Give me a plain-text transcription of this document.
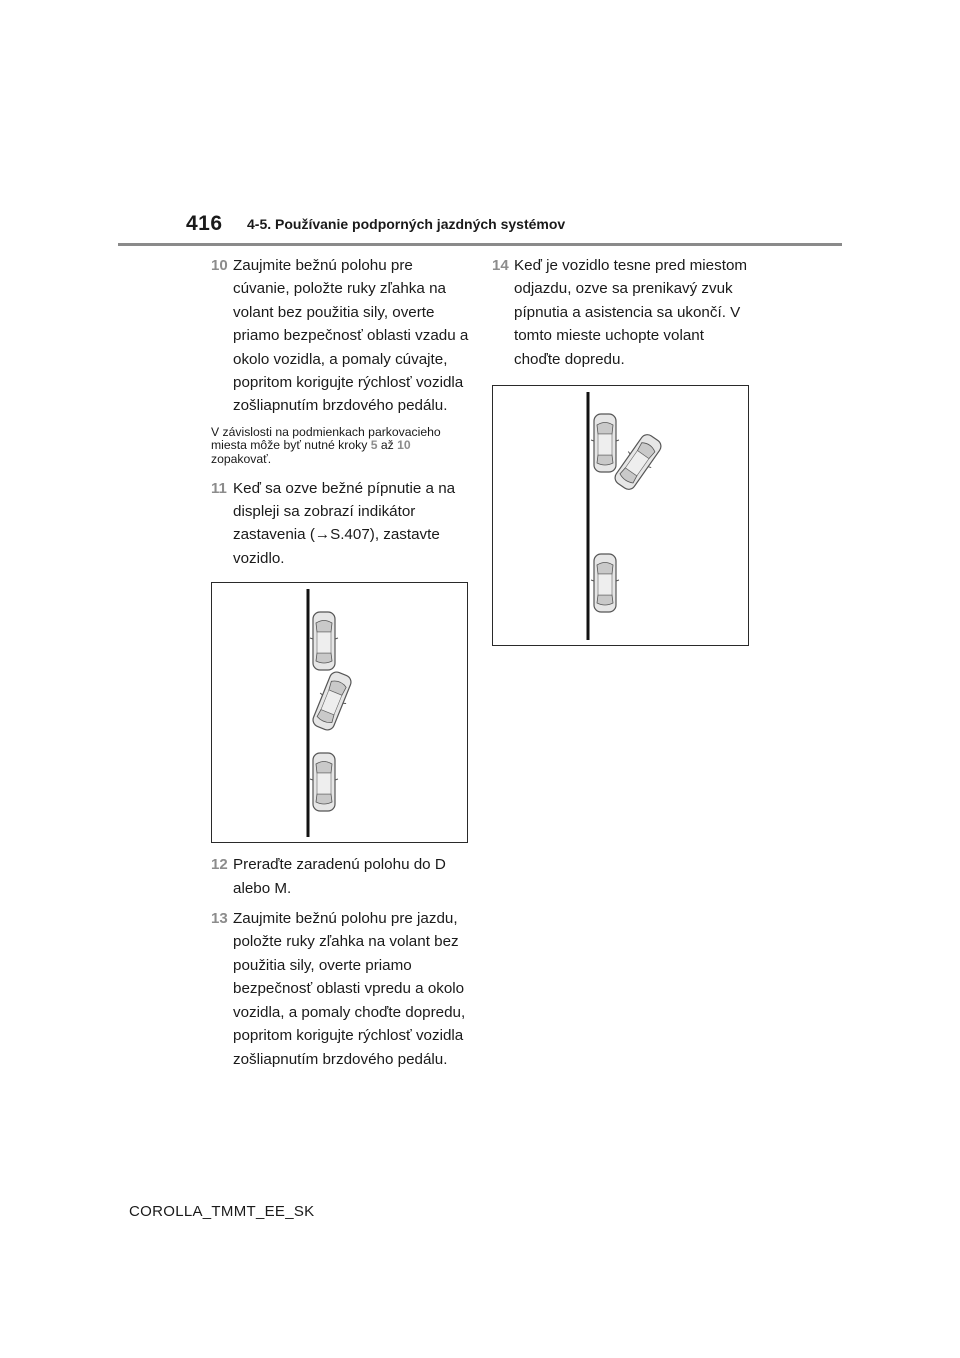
416 4-5. Používanie podporných jazdných systémov
10 Zaujmite bežnú polohu pre cúvanie, položte ruky zľahka na volant bez použitia sily, overte priamo bezpečnosť oblasti vzadu a okolo vozidla, a pomaly cúvajte, popritom korigujte rýchlosť vozidla zošliapnutím brzdového pedálu.
V závislosti na podmienkach parkovacieho miesta môže byť nutné kroky 5 až 10 zopakovať.
11 Keď sa ozve bežné pípnutie a na displeji sa zobrazí indikátor zastavenia (→S.407), zastavte vozidlo.
12 Preraďte zaradenú polohu do D alebo M.
13 Zaujmite bežnú polohu pre jazdu, položte ruky zľahka na volant bez použitia sily, overte priamo bezpečnosť oblasti vpredu a okolo vozidla, a pomaly choďte dopredu, popritom korigujte rýchlosť vozidla zošliapnutím brzdového pedálu.
14 Keď je vozidlo tesne pred miestom odjazdu, ozve sa prenikavý zvuk pípnutia a asistencia sa ukončí. V tomto mieste uchopte volant choďte dopredu.
COROLLA_TMMT_EE_SK
